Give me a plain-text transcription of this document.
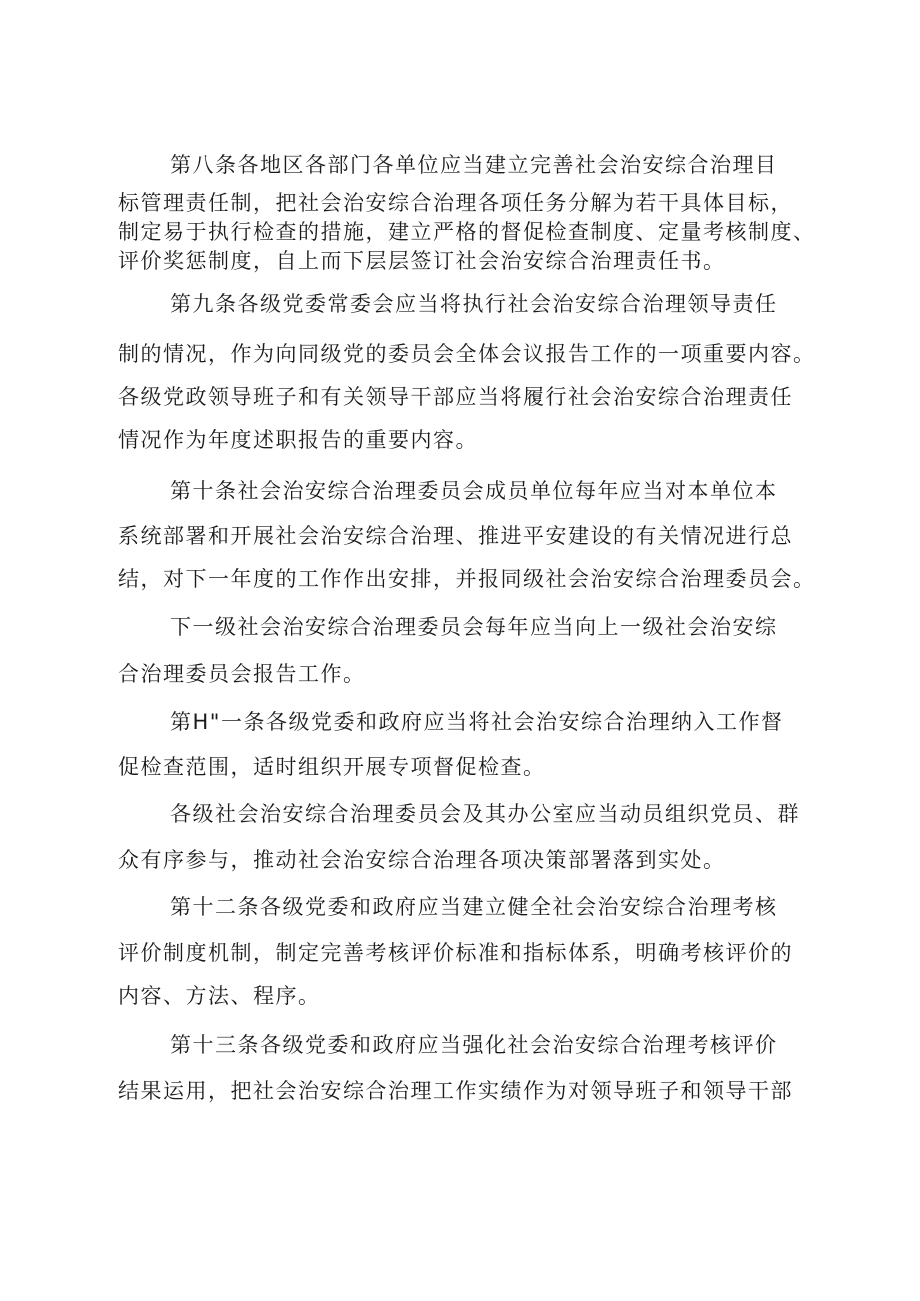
第八条各地区各部门各单位应当建立完善社会治安综合治理目
标管理责任制，把社会治安综合治理各项任务分解为若干具体目标，
制定易于执行检查的措施，建立严格的督促检查制度、定量考核制度、
评价奖惩制度，自上而下层层签订社会治安综合治理责任书。
第九条各级党委常委会应当将执行社会治安综合治理领导责任
制的情况，作为向同级党的委员会全体会议报告工作的一项重要内容。
各级党政领导班子和有关领导干部应当将履行社会治安综合治理责任
情况作为年度述职报告的重要内容。
第十条社会治安综合治理委员会成员单位每年应当对本单位本
系统部署和开展社会治安综合治理、推进平安建设的有关情况进行总
结，对下一年度的工作作出安排，并报同级社会治安综合治理委员会。
下一级社会治安综合治理委员会每年应当向上一级社会治安综
合治理委员会报告工作。
第H"一条各级党委和政府应当将社会治安综合治理纳入工作督
促检查范围，适时组织开展专项督促检查。
各级社会治安综合治理委员会及其办公室应当动员组织党员、群
众有序参与，推动社会治安综合治理各项决策部署落到实处。
第十二条各级党委和政府应当建立健全社会治安综合治理考核
评价制度机制，制定完善考核评价标准和指标体系，明确考核评价的
内容、方法、程序。
第十三条各级党委和政府应当强化社会治安综合治理考核评价
结果运用，把社会治安综合治理工作实绩作为对领导班子和领导干部
